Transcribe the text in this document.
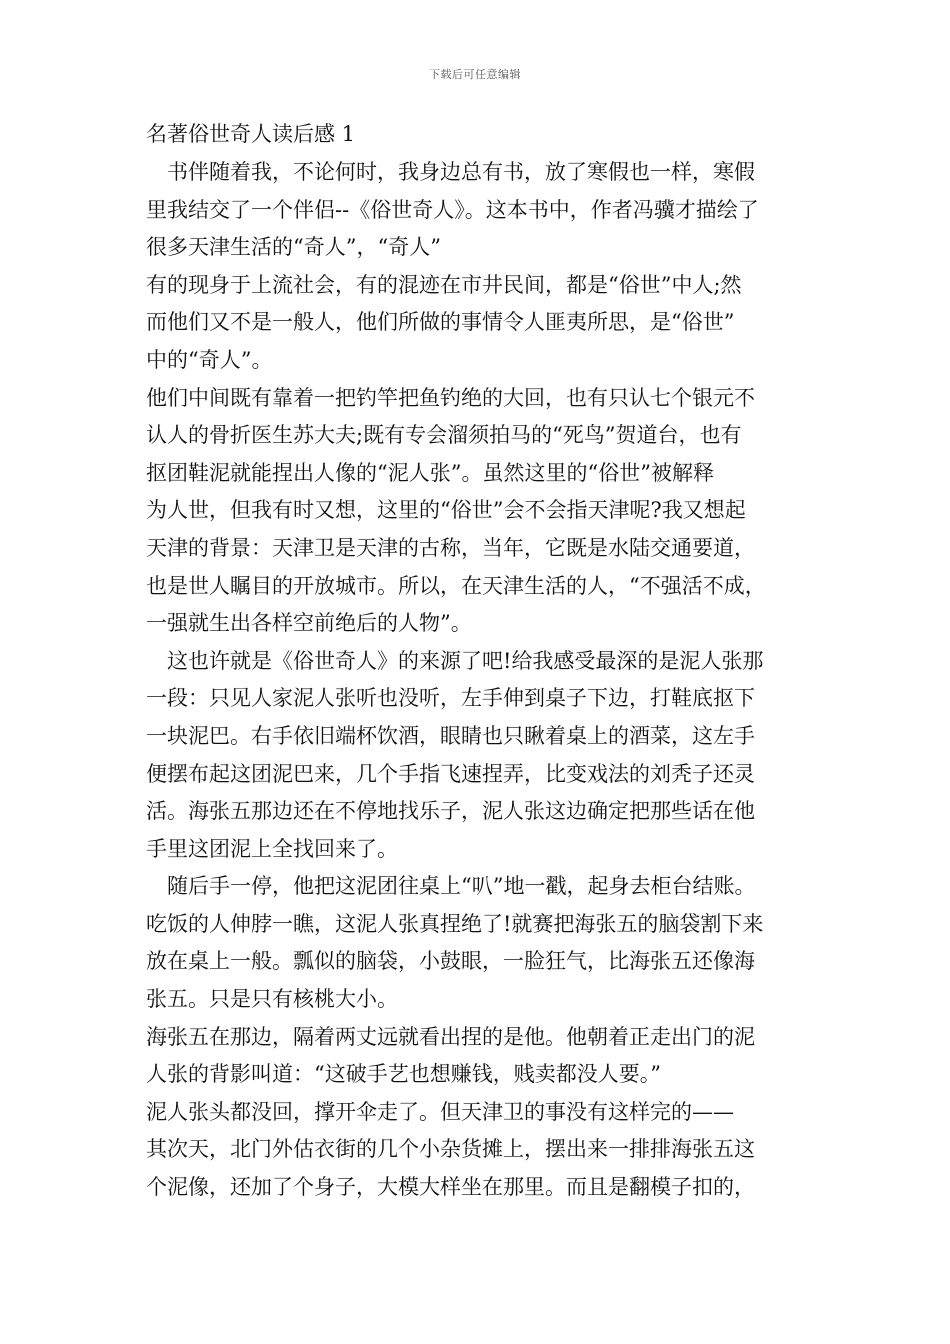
下载后可任意编辑
名著俗世奇人读后感 1
书伴随着我，不论何时，我身边总有书，放了寒假也一样，寒假
里我结交了一个伴侣--《俗世奇人》。这本书中，作者冯骥才描绘了
很多天津生活的“奇人”，“奇人”
有的现身于上流社会，有的混迹在市井民间，都是“俗世”中人;然
而他们又不是一般人，他们所做的事情令人匪夷所思，是“俗世”
中的“奇人”。
他们中间既有靠着一把钓竿把鱼钓绝的大回，也有只认七个银元不
认人的骨折医生苏大夫;既有专会溜须拍马的“死鸟”贺道台，也有
抠团鞋泥就能捏出人像的“泥人张”。虽然这里的“俗世”被解释
为人世，但我有时又想，这里的“俗世”会不会指天津呢?我又想起
天津的背景：天津卫是天津的古称，当年，它既是水陆交通要道，
也是世人瞩目的开放城市。所以，在天津生活的人，“不强活不成，
一强就生出各样空前绝后的人物”。
这也许就是《俗世奇人》的来源了吧!给我感受最深的是泥人张那
一段：只见人家泥人张听也没听，左手伸到桌子下边，打鞋底抠下
一块泥巴。右手依旧端杯饮酒，眼睛也只瞅着桌上的酒菜，这左手
便摆布起这团泥巴来，几个手指飞速捏弄，比变戏法的刘秃子还灵
活。海张五那边还在不停地找乐子，泥人张这边确定把那些话在他
手里这团泥上全找回来了。
随后手一停，他把这泥团往桌上“叭”地一戳，起身去柜台结账。
吃饭的人伸脖一瞧，这泥人张真捏绝了!就赛把海张五的脑袋割下来
放在桌上一般。瓢似的脑袋，小鼓眼，一脸狂气，比海张五还像海
张五。只是只有核桃大小。
海张五在那边，隔着两丈远就看出捏的是他。他朝着正走出门的泥
人张的背影叫道：“这破手艺也想赚钱，贱卖都没人要。”
泥人张头都没回，撑开伞走了。但天津卫的事没有这样完的——
其次天，北门外估衣街的几个小杂货摊上，摆出来一排排海张五这
个泥像，还加了个身子，大模大样坐在那里。而且是翻模子扣的，
